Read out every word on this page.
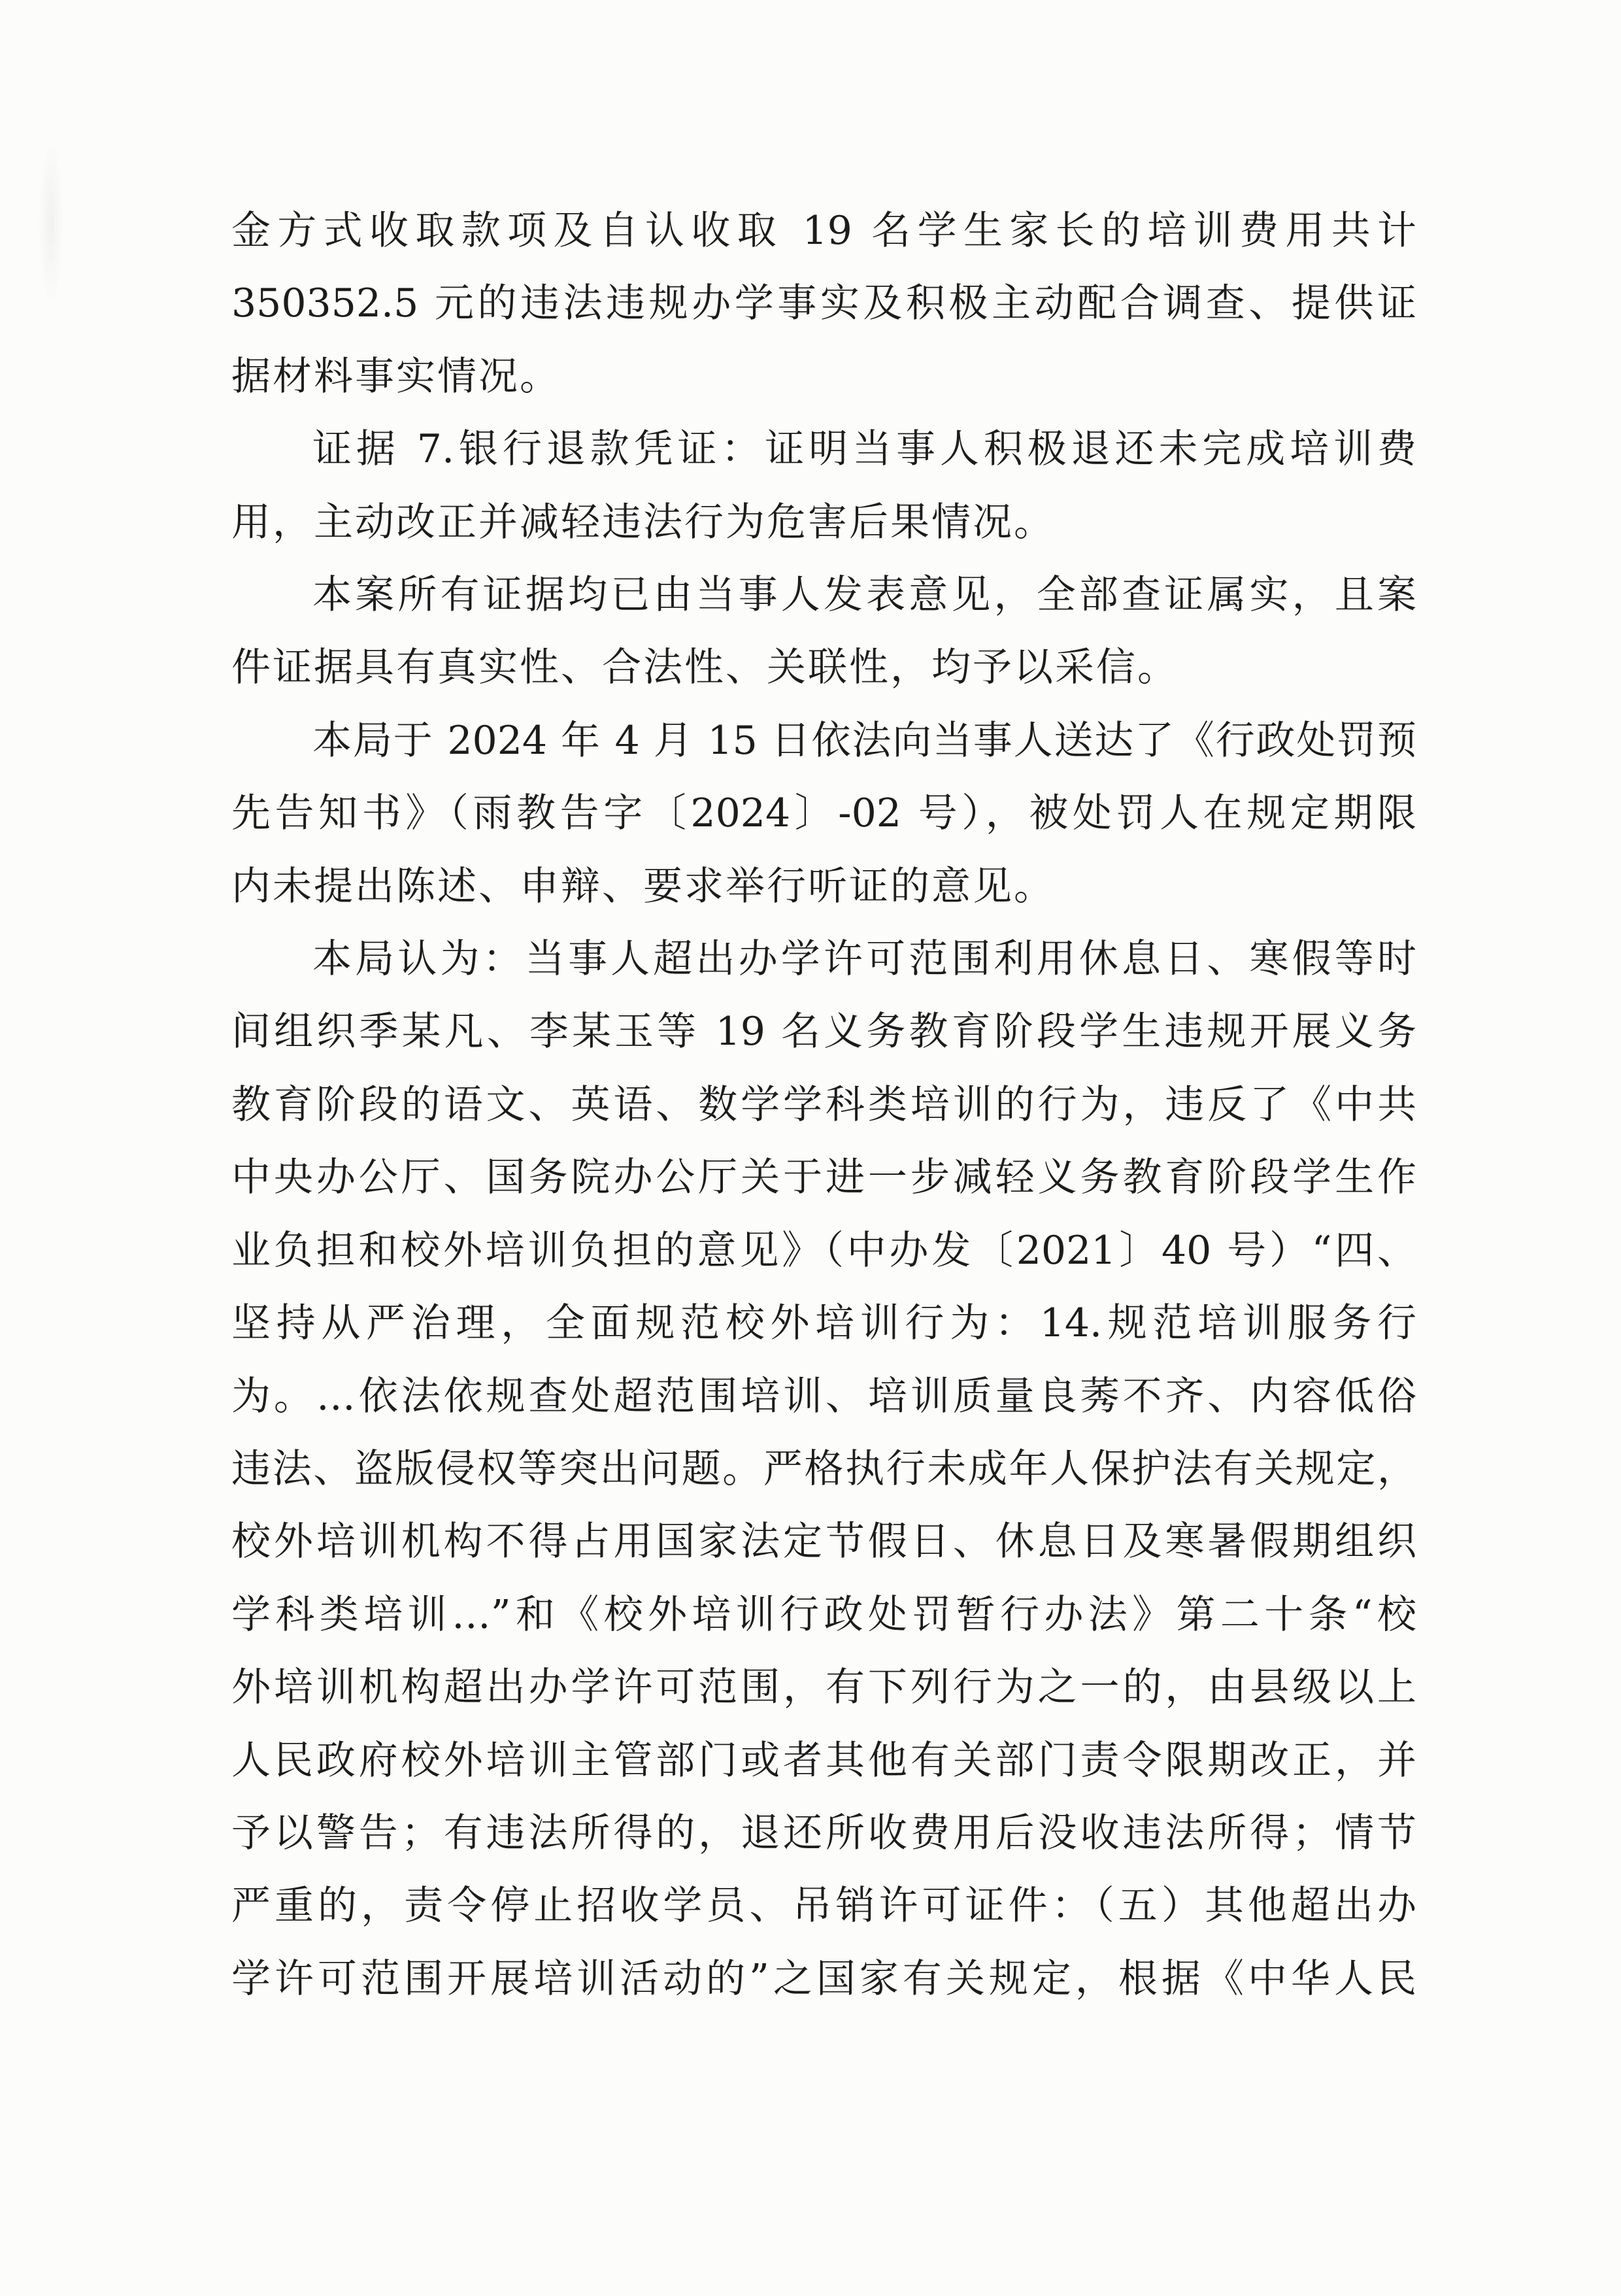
金方式收取款项及自认收取 19 名学生家长的培训费用共计
350352.5 元的违法违规办学事实及积极主动配合调查、提供证
据材料事实情况。

证据 7.银行退款凭证：证明当事人积极退还未完成培训费
用，主动改正并减轻违法行为危害后果情况。

本案所有证据均已由当事人发表意见，全部查证属实，且案
件证据具有真实性、合法性、关联性，均予以采信。

本局于 2024 年 4 月 15 日依法向当事人送达了《行政处罚预
先告知书》（雨教告字〔2024〕-02 号），被处罚人在规定期限
内未提出陈述、申辩、要求举行听证的意见。

本局认为：当事人超出办学许可范围利用休息日、寒假等时
间组织季某凡、李某玉等 19 名义务教育阶段学生违规开展义务
教育阶段的语文、英语、数学学科类培训的行为，违反了《中共
中央办公厅、国务院办公厅关于进一步减轻义务教育阶段学生作
业负担和校外培训负担的意见》（中办发〔2021〕40 号）“四、
坚持从严治理，全面规范校外培训行为：14.规范培训服务行
为。…依法依规查处超范围培训、培训质量良莠不齐、内容低俗
违法、盗版侵权等突出问题。严格执行未成年人保护法有关规定，
校外培训机构不得占用国家法定节假日、休息日及寒暑假期组织
学科类培训…”和《校外培训行政处罚暂行办法》第二十条“校
外培训机构超出办学许可范围，有下列行为之一的，由县级以上
人民政府校外培训主管部门或者其他有关部门责令限期改正，并
予以警告；有违法所得的，退还所收费用后没收违法所得；情节
严重的，责令停止招收学员、吊销许可证件：（五）其他超出办
学许可范围开展培训活动的”之国家有关规定，根据《中华人民
